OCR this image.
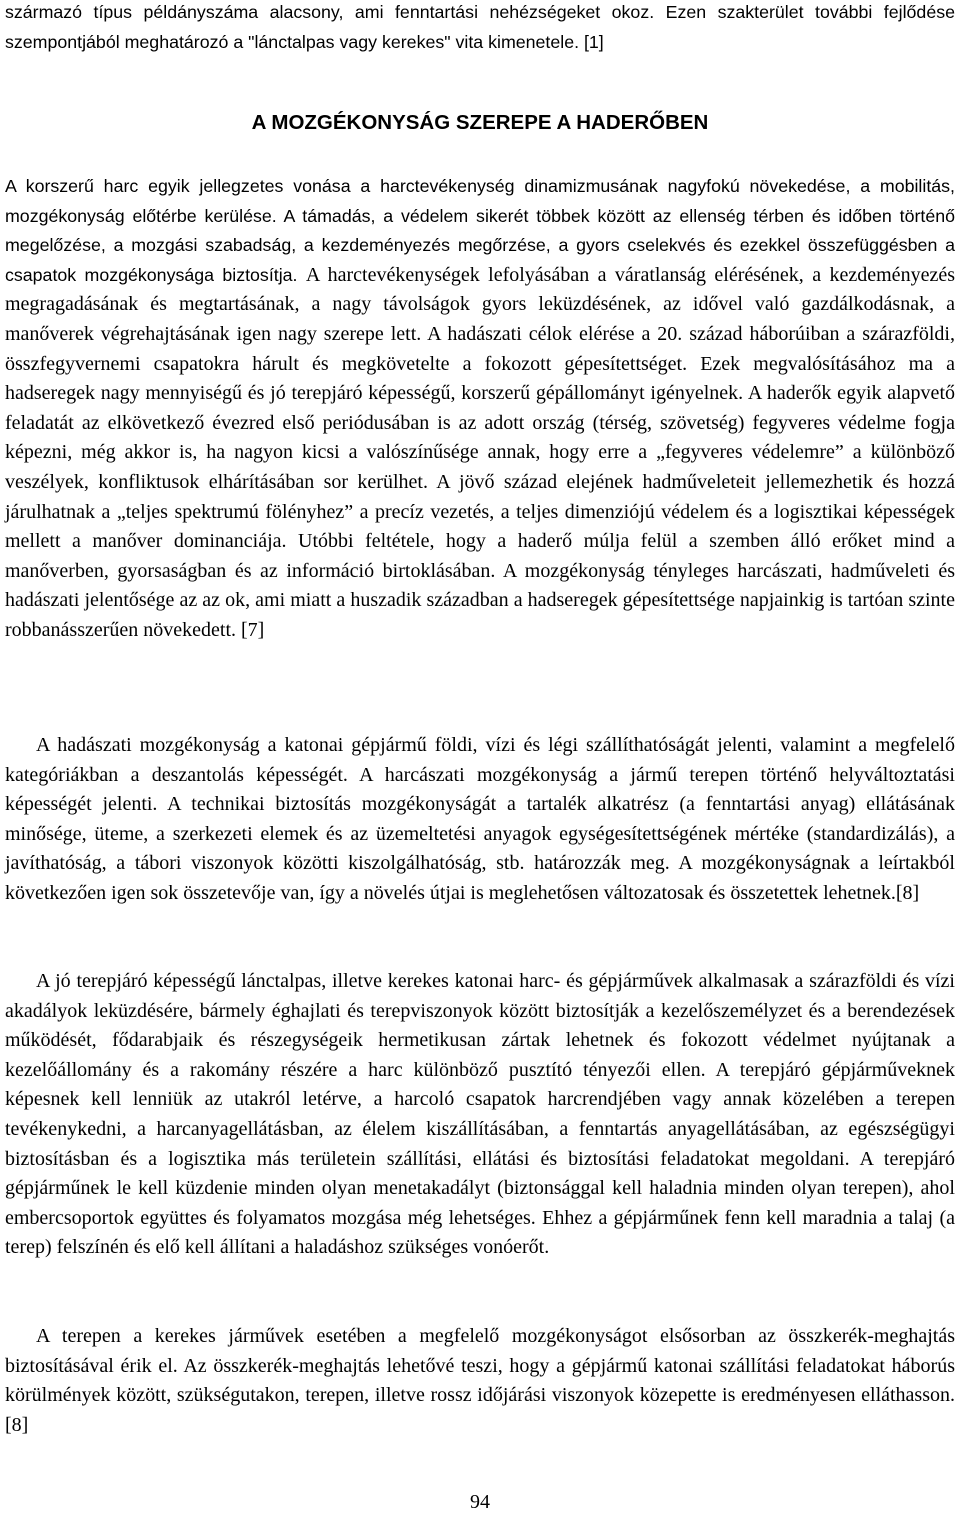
származó típus példányszáma alacsony, ami fenntartási nehézségeket okoz. Ezen szakterület további fejlődése szempontjából meghatározó a "lánctalpas vagy kerekes" vita kimenetele. [1]

A MOZGÉKONYSÁG SZEREPE A HADERŐBEN

A korszerű harc egyik jellegzetes vonása a harctevékenység dinamizmusának nagyfokú növekedése, a mobilitás, mozgékonyság előtérbe kerülése. A támadás, a védelem sikerét többek között az ellenség térben és időben történő megelőzése, a mozgási szabadság, a kezdeményezés megőrzése, a gyors cselekvés és ezekkel összefüggésben a csapatok mozgékonysága biztosítja. A harctevékenységek lefolyásában a váratlanság elérésének, a kezdeményezés megragadásának és megtartásának, a nagy távolságok gyors leküzdésének, az idővel való gazdálkodásnak, a manőverek végrehajtásának igen nagy szerepe lett. A hadászati célok elérése a 20. század háborúiban a szárazföldi, összfegyvernemi csapatokra hárult és megkövetelte a fokozott gépesítettséget. Ezek megvalósításához ma a hadseregek nagy mennyiségű és jó terepjáró képességű, korszerű gépállományt igényelnek. A haderők egyik alapvető feladatát az elkövetkező évezred első periódusában is az adott ország (térség, szövetség) fegyveres védelme fogja képezni, még akkor is, ha nagyon kicsi a valószínűsége annak, hogy erre a „fegyveres védelemre” a különböző veszélyek, konfliktusok elhárításában sor kerülhet. A jövő század elejének hadműveleteit jellemezhetik és hozzá járulhatnak a „teljes spektrumú fölényhez” a precíz vezetés, a teljes dimenziójú védelem és a logisztikai képességek mellett a manőver dominanciája. Utóbbi feltétele, hogy a haderő múlja felül a szemben álló erőket mind a manőverben, gyorsaságban és az információ birtoklásában. A mozgékonyság tényleges harcászati, hadműveleti és hadászati jelentősége az az ok, ami miatt a huszadik században a hadseregek gépesítettsége napjainkig is tartóan szinte robbanásszerűen növekedett. [7]

A hadászati mozgékonyság a katonai gépjármű földi, vízi és légi szállíthatóságát jelenti, valamint a megfelelő kategóriákban a deszantolás képességét. A harcászati mozgékonyság a jármű terepen történő helyváltoztatási képességét jelenti. A technikai biztosítás mozgékonyságát a tartalék alkatrész (a fenntartási anyag) ellátásának minősége, üteme, a szerkezeti elemek és az üzemeltetési anyagok egységesítettségének mértéke (standardizálás), a javíthatóság, a tábori viszonyok közötti kiszolgálhatóság, stb. határozzák meg. A mozgékonyságnak a leírtakból következően igen sok összetevője van, így a növelés útjai is meglehetősen változatosak és összetettek lehetnek.[8]

A jó terepjáró képességű lánctalpas, illetve kerekes katonai harc- és gépjárművek alkalmasak a szárazföldi és vízi akadályok leküzdésére, bármely éghajlati és terepviszonyok között biztosítják a kezelőszemélyzet és a berendezések működését, fődarabjaik és részegységeik hermetikusan zártak lehetnek és fokozott védelmet nyújtanak a kezelőállomány és a rakomány részére a harc különböző pusztító tényezői ellen. A terepjáró gépjárműveknek képesnek kell lenniük az utakról letérve, a harcoló csapatok harcrendjében vagy annak közelében a terepen tevékenykedni, a harcanyagellátásban, az élelem kiszállításában, a fenntartás anyagellátásában, az egészségügyi biztosításban és a logisztika más területein szállítási, ellátási és biztosítási feladatokat megoldani. A terepjáró gépjárműnek le kell küzdenie minden olyan menetakadályt (biztonsággal kell haladnia minden olyan terepen), ahol embercsoportok együttes és folyamatos mozgása még lehetséges. Ehhez a gépjárműnek fenn kell maradnia a talaj (a terep) felszínén és elő kell állítani a haladáshoz szükséges vonóerőt.

A terepen a kerekes járművek esetében a megfelelő mozgékonyságot elsősorban az összkerék-meghajtás biztosításával érik el. Az összkerék-meghajtás lehetővé teszi, hogy a gépjármű katonai szállítási feladatokat háborús körülmények között, szükségutakon, terepen, illetve rossz időjárási viszonyok közepette is eredményesen elláthasson. [8]

94
